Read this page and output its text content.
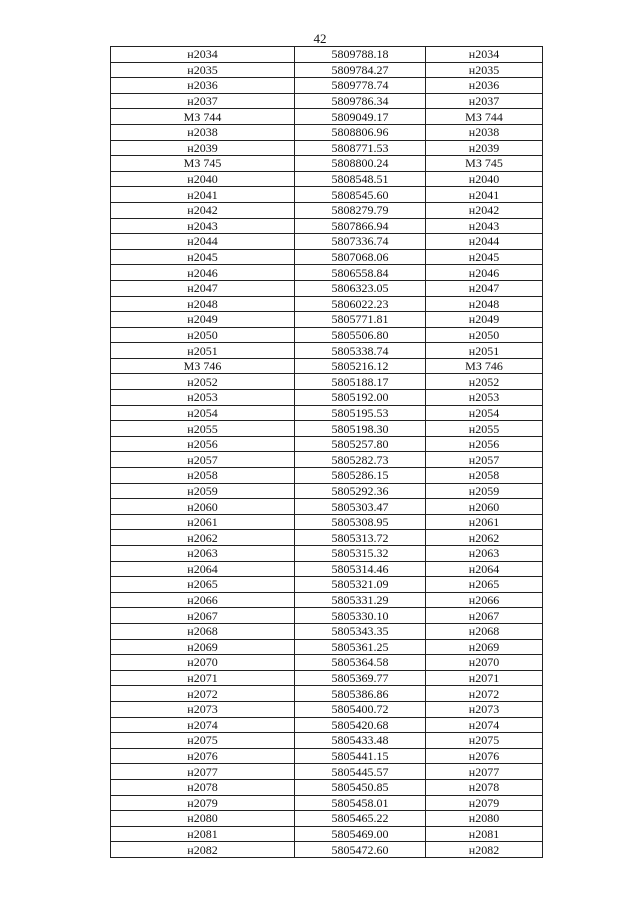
42
н2034	5809788.18	н2034
н2035	5809784.27	н2035
н2036	5809778.74	н2036
н2037	5809786.34	н2037
МЗ 744	5809049.17	МЗ 744
н2038	5808806.96	н2038
н2039	5808771.53	н2039
МЗ 745	5808800.24	МЗ 745
н2040	5808548.51	н2040
н2041	5808545.60	н2041
н2042	5808279.79	н2042
н2043	5807866.94	н2043
н2044	5807336.74	н2044
н2045	5807068.06	н2045
н2046	5806558.84	н2046
н2047	5806323.05	н2047
н2048	5806022.23	н2048
н2049	5805771.81	н2049
н2050	5805506.80	н2050
н2051	5805338.74	н2051
МЗ 746	5805216.12	МЗ 746
н2052	5805188.17	н2052
н2053	5805192.00	н2053
н2054	5805195.53	н2054
н2055	5805198.30	н2055
н2056	5805257.80	н2056
н2057	5805282.73	н2057
н2058	5805286.15	н2058
н2059	5805292.36	н2059
н2060	5805303.47	н2060
н2061	5805308.95	н2061
н2062	5805313.72	н2062
н2063	5805315.32	н2063
н2064	5805314.46	н2064
н2065	5805321.09	н2065
н2066	5805331.29	н2066
н2067	5805330.10	н2067
н2068	5805343.35	н2068
н2069	5805361.25	н2069
н2070	5805364.58	н2070
н2071	5805369.77	н2071
н2072	5805386.86	н2072
н2073	5805400.72	н2073
н2074	5805420.68	н2074
н2075	5805433.48	н2075
н2076	5805441.15	н2076
н2077	5805445.57	н2077
н2078	5805450.85	н2078
н2079	5805458.01	н2079
н2080	5805465.22	н2080
н2081	5805469.00	н2081
н2082	5805472.60	н2082
